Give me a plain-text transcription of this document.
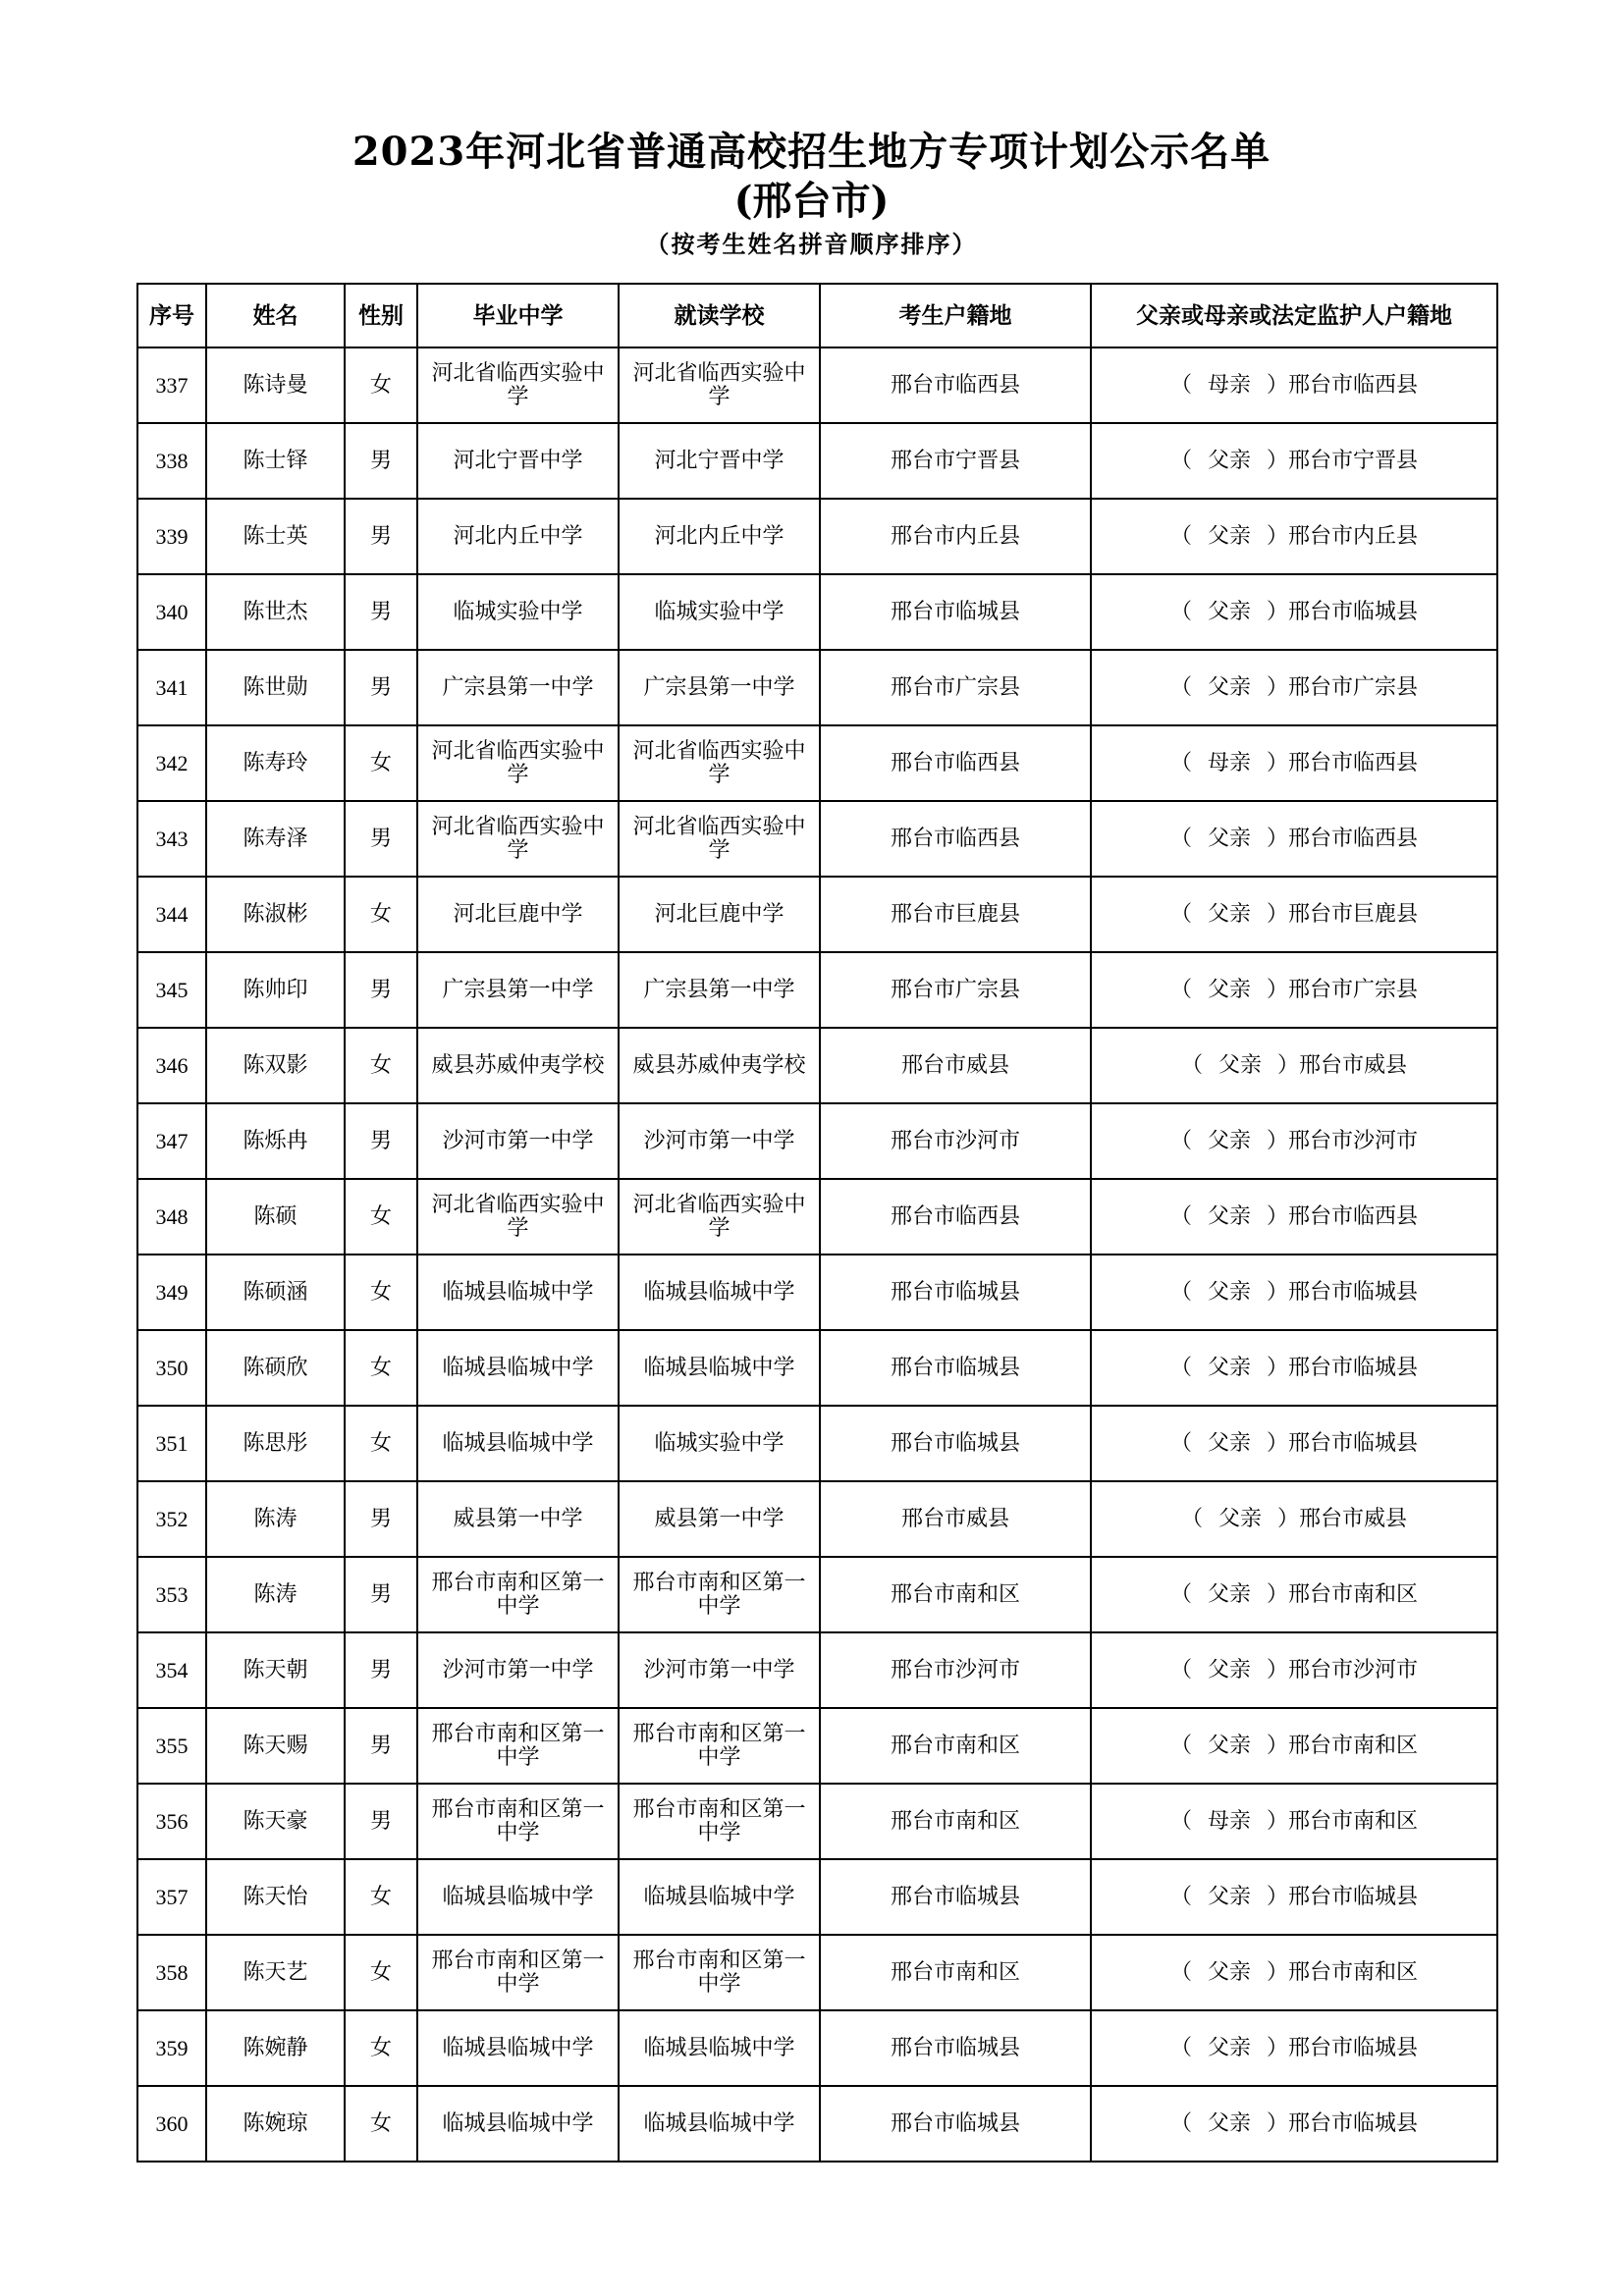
2023年河北省普通高校招生地方专项计划公示名单
(邢台市)
（按考生姓名拼音顺序排序）
序号	姓名	性别	毕业中学	就读学校	考生户籍地	父亲或母亲或法定监护人户籍地
337	陈诗曼	女	河北省临西实验中学	河北省临西实验中学	邢台市临西县	（ 母亲 ）邢台市临西县
338	陈士铎	男	河北宁晋中学	河北宁晋中学	邢台市宁晋县	（ 父亲 ）邢台市宁晋县
339	陈士英	男	河北内丘中学	河北内丘中学	邢台市内丘县	（ 父亲 ）邢台市内丘县
340	陈世杰	男	临城实验中学	临城实验中学	邢台市临城县	（ 父亲 ）邢台市临城县
341	陈世勋	男	广宗县第一中学	广宗县第一中学	邢台市广宗县	（ 父亲 ）邢台市广宗县
342	陈寿玲	女	河北省临西实验中学	河北省临西实验中学	邢台市临西县	（ 母亲 ）邢台市临西县
343	陈寿泽	男	河北省临西实验中学	河北省临西实验中学	邢台市临西县	（ 父亲 ）邢台市临西县
344	陈淑彬	女	河北巨鹿中学	河北巨鹿中学	邢台市巨鹿县	（ 父亲 ）邢台市巨鹿县
345	陈帅印	男	广宗县第一中学	广宗县第一中学	邢台市广宗县	（ 父亲 ）邢台市广宗县
346	陈双影	女	威县苏威仲夷学校	威县苏威仲夷学校	邢台市威县	（ 父亲 ）邢台市威县
347	陈烁冉	男	沙河市第一中学	沙河市第一中学	邢台市沙河市	（ 父亲 ）邢台市沙河市
348	陈硕	女	河北省临西实验中学	河北省临西实验中学	邢台市临西县	（ 父亲 ）邢台市临西县
349	陈硕涵	女	临城县临城中学	临城县临城中学	邢台市临城县	（ 父亲 ）邢台市临城县
350	陈硕欣	女	临城县临城中学	临城县临城中学	邢台市临城县	（ 父亲 ）邢台市临城县
351	陈思彤	女	临城县临城中学	临城实验中学	邢台市临城县	（ 父亲 ）邢台市临城县
352	陈涛	男	威县第一中学	威县第一中学	邢台市威县	（ 父亲 ）邢台市威县
353	陈涛	男	邢台市南和区第一中学	邢台市南和区第一中学	邢台市南和区	（ 父亲 ）邢台市南和区
354	陈天朝	男	沙河市第一中学	沙河市第一中学	邢台市沙河市	（ 父亲 ）邢台市沙河市
355	陈天赐	男	邢台市南和区第一中学	邢台市南和区第一中学	邢台市南和区	（ 父亲 ）邢台市南和区
356	陈天豪	男	邢台市南和区第一中学	邢台市南和区第一中学	邢台市南和区	（ 母亲 ）邢台市南和区
357	陈天怡	女	临城县临城中学	临城县临城中学	邢台市临城县	（ 父亲 ）邢台市临城县
358	陈天艺	女	邢台市南和区第一中学	邢台市南和区第一中学	邢台市南和区	（ 父亲 ）邢台市南和区
359	陈婉静	女	临城县临城中学	临城县临城中学	邢台市临城县	（ 父亲 ）邢台市临城县
360	陈婉琼	女	临城县临城中学	临城县临城中学	邢台市临城县	（ 父亲 ）邢台市临城县
